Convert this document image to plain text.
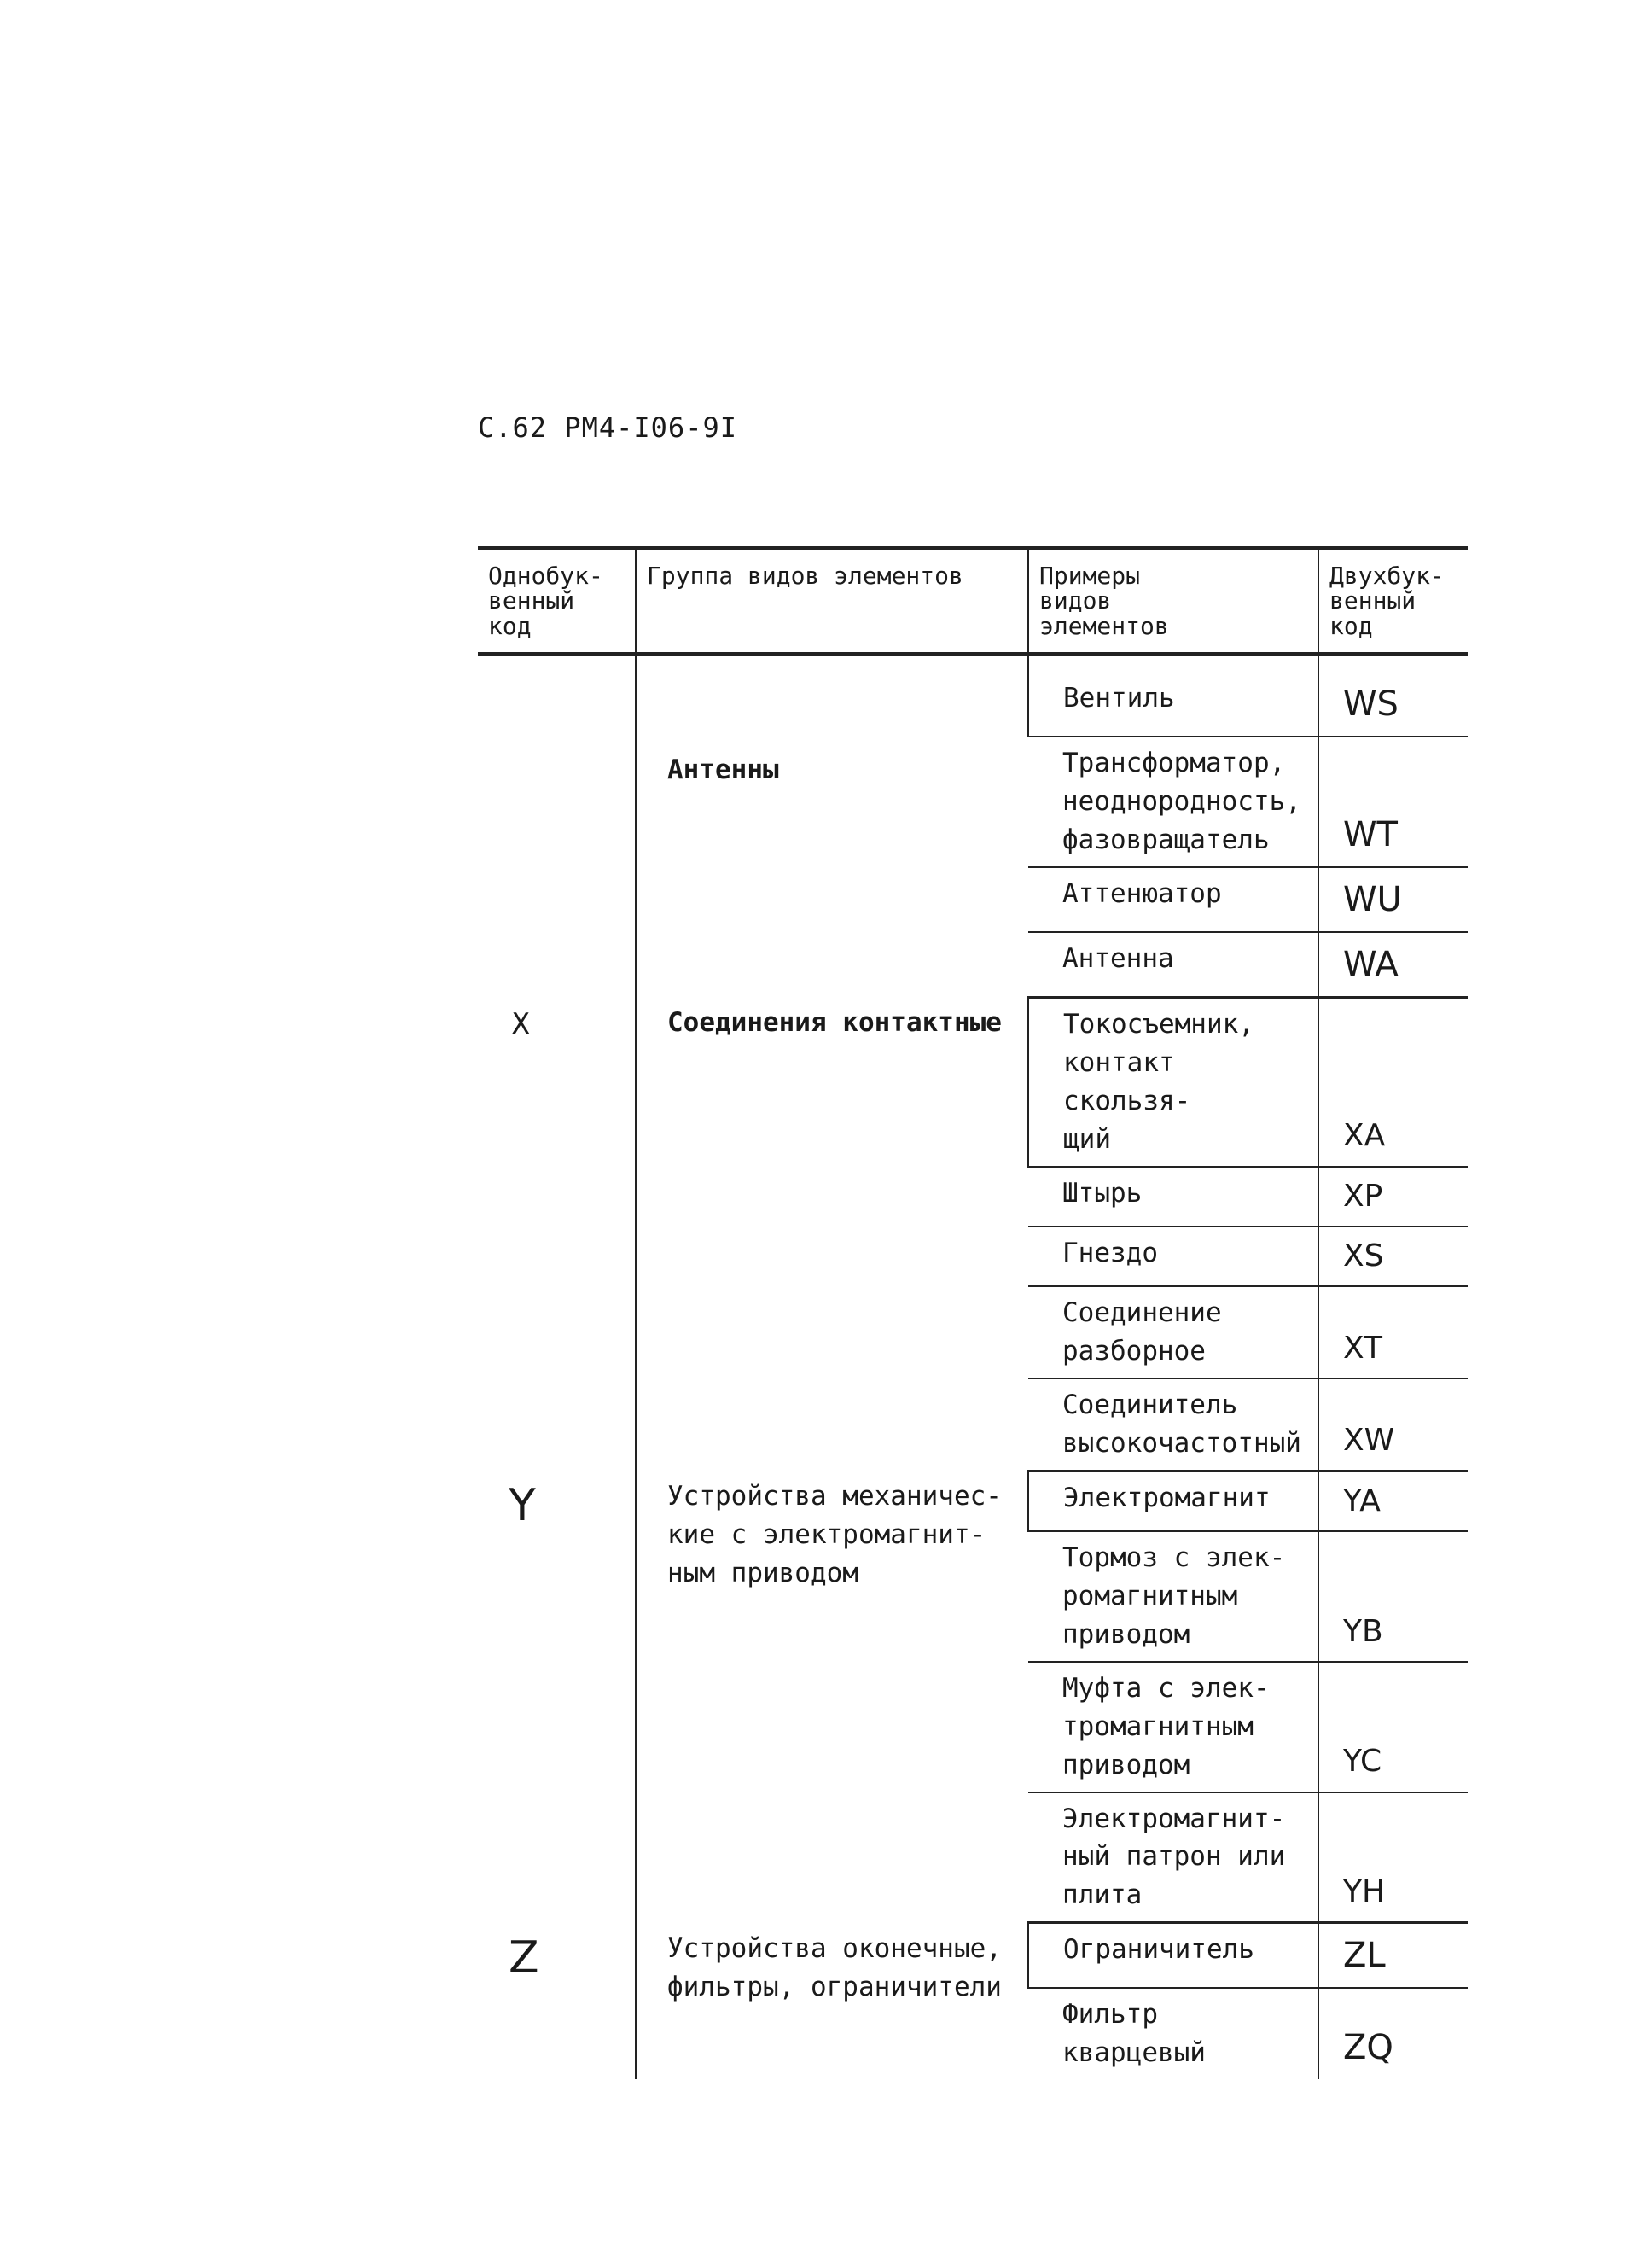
С.62 РМ4-I06-9I
Однобук-
венный
код	Группа видов элементов	Примеры
видов
элементов	Двухбук-
венный
код

	Антенны	Вентиль	WS
		Трансформатор,
неоднородность,
фазовращатель	WT
		Аттенюатор	WU
		Антенна	WA
X	Соединения контактные	Токосъемник,
контакт скользя-
щий	XA
		Штырь	XP
		Гнездо	XS
		Соединение
разборное	XT
		Соединитель
высокочастотный	XW
Y	Устройства механичес-
кие с электромагнит-
ным приводом	Электромагнит	YA
		Тормоз с элек-
ромагнитным
приводом	YB
		Муфта с элек-
тромагнитным
приводом	YC
		Электромагнит-
ный патрон или
плита	YH
Z	Устройства оконечные,
фильтры, ограничители	Ограничитель	ZL
		Фильтр кварцевый	ZQ
